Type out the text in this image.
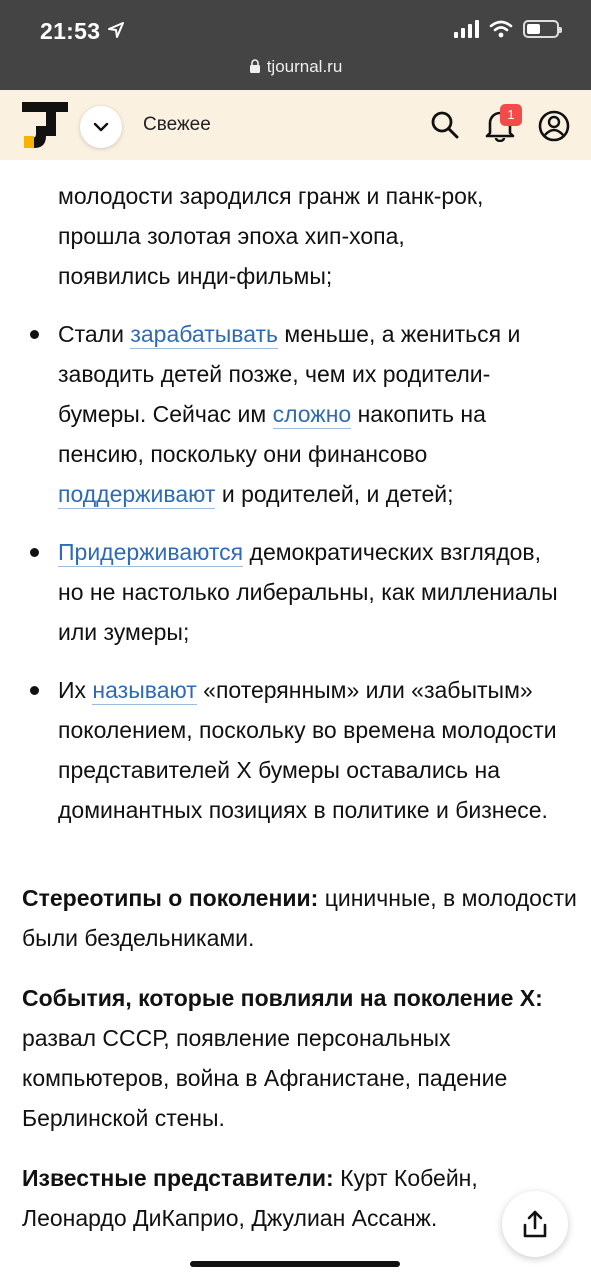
21:53
tjournal.ru
Свежее	1
молодости зародился гранж и панк-рок,
прошла золотая эпоха хип-хопа,
появились инди-фильмы;
Стали зарабатывать меньше, а жениться и заводить детей позже, чем их родители-бумеры. Сейчас им сложно накопить на пенсию, поскольку они финансово поддерживают и родителей, и детей;
Придерживаются демократических взглядов, но не настолько либеральны, как миллениалы или зумеры;
Их называют «потерянным» или «забытым» поколением, поскольку во времена молодости представителей X бумеры оставались на доминантных позициях в политике и бизнесе.
Стереотипы о поколении: циничные, в молодости были бездельниками.
События, которые повлияли на поколение X: развал СССР, появление персональных компьютеров, война в Афганистане, падение Берлинской стены.
Известные представители: Курт Кобейн, Леонардо ДиКаприо, Джулиан Ассанж.
